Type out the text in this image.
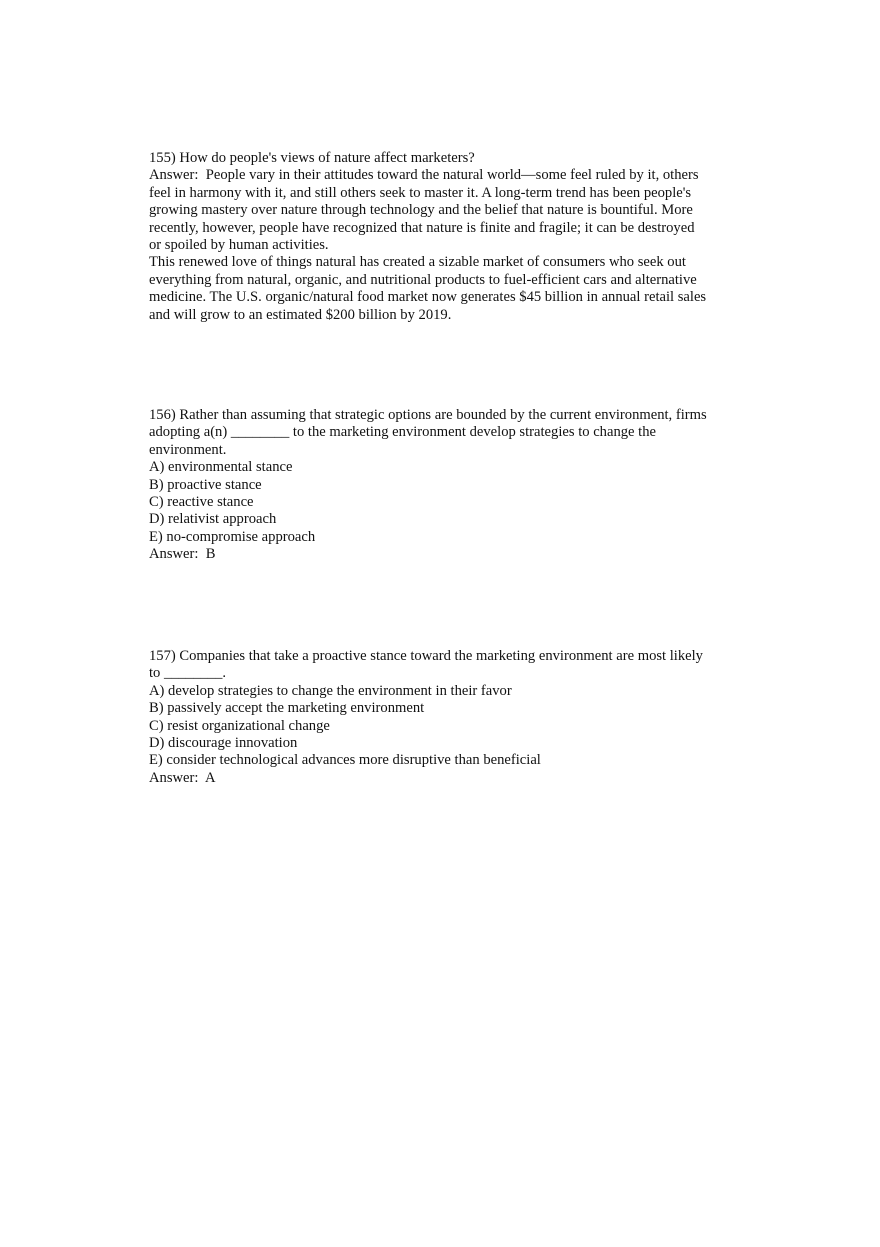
155) How do people's views of nature affect marketers?
Answer:  People vary in their attitudes toward the natural world—some feel ruled by it, others
feel in harmony with it, and still others seek to master it. A long-term trend has been people's
growing mastery over nature through technology and the belief that nature is bountiful. More
recently, however, people have recognized that nature is finite and fragile; it can be destroyed
or spoiled by human activities.
This renewed love of things natural has created a sizable market of consumers who seek out
everything from natural, organic, and nutritional products to fuel-efficient cars and alternative
medicine. The U.S. organic/natural food market now generates $45 billion in annual retail sales
and will grow to an estimated $200 billion by 2019.
156) Rather than assuming that strategic options are bounded by the current environment, firms
adopting a(n) ________ to the marketing environment develop strategies to change the
environment.
A) environmental stance
B) proactive stance
C) reactive stance
D) relativist approach
E) no-compromise approach
Answer:  B
157) Companies that take a proactive stance toward the marketing environment are most likely
to ________.
A) develop strategies to change the environment in their favor
B) passively accept the marketing environment
C) resist organizational change
D) discourage innovation
E) consider technological advances more disruptive than beneficial
Answer:  A
